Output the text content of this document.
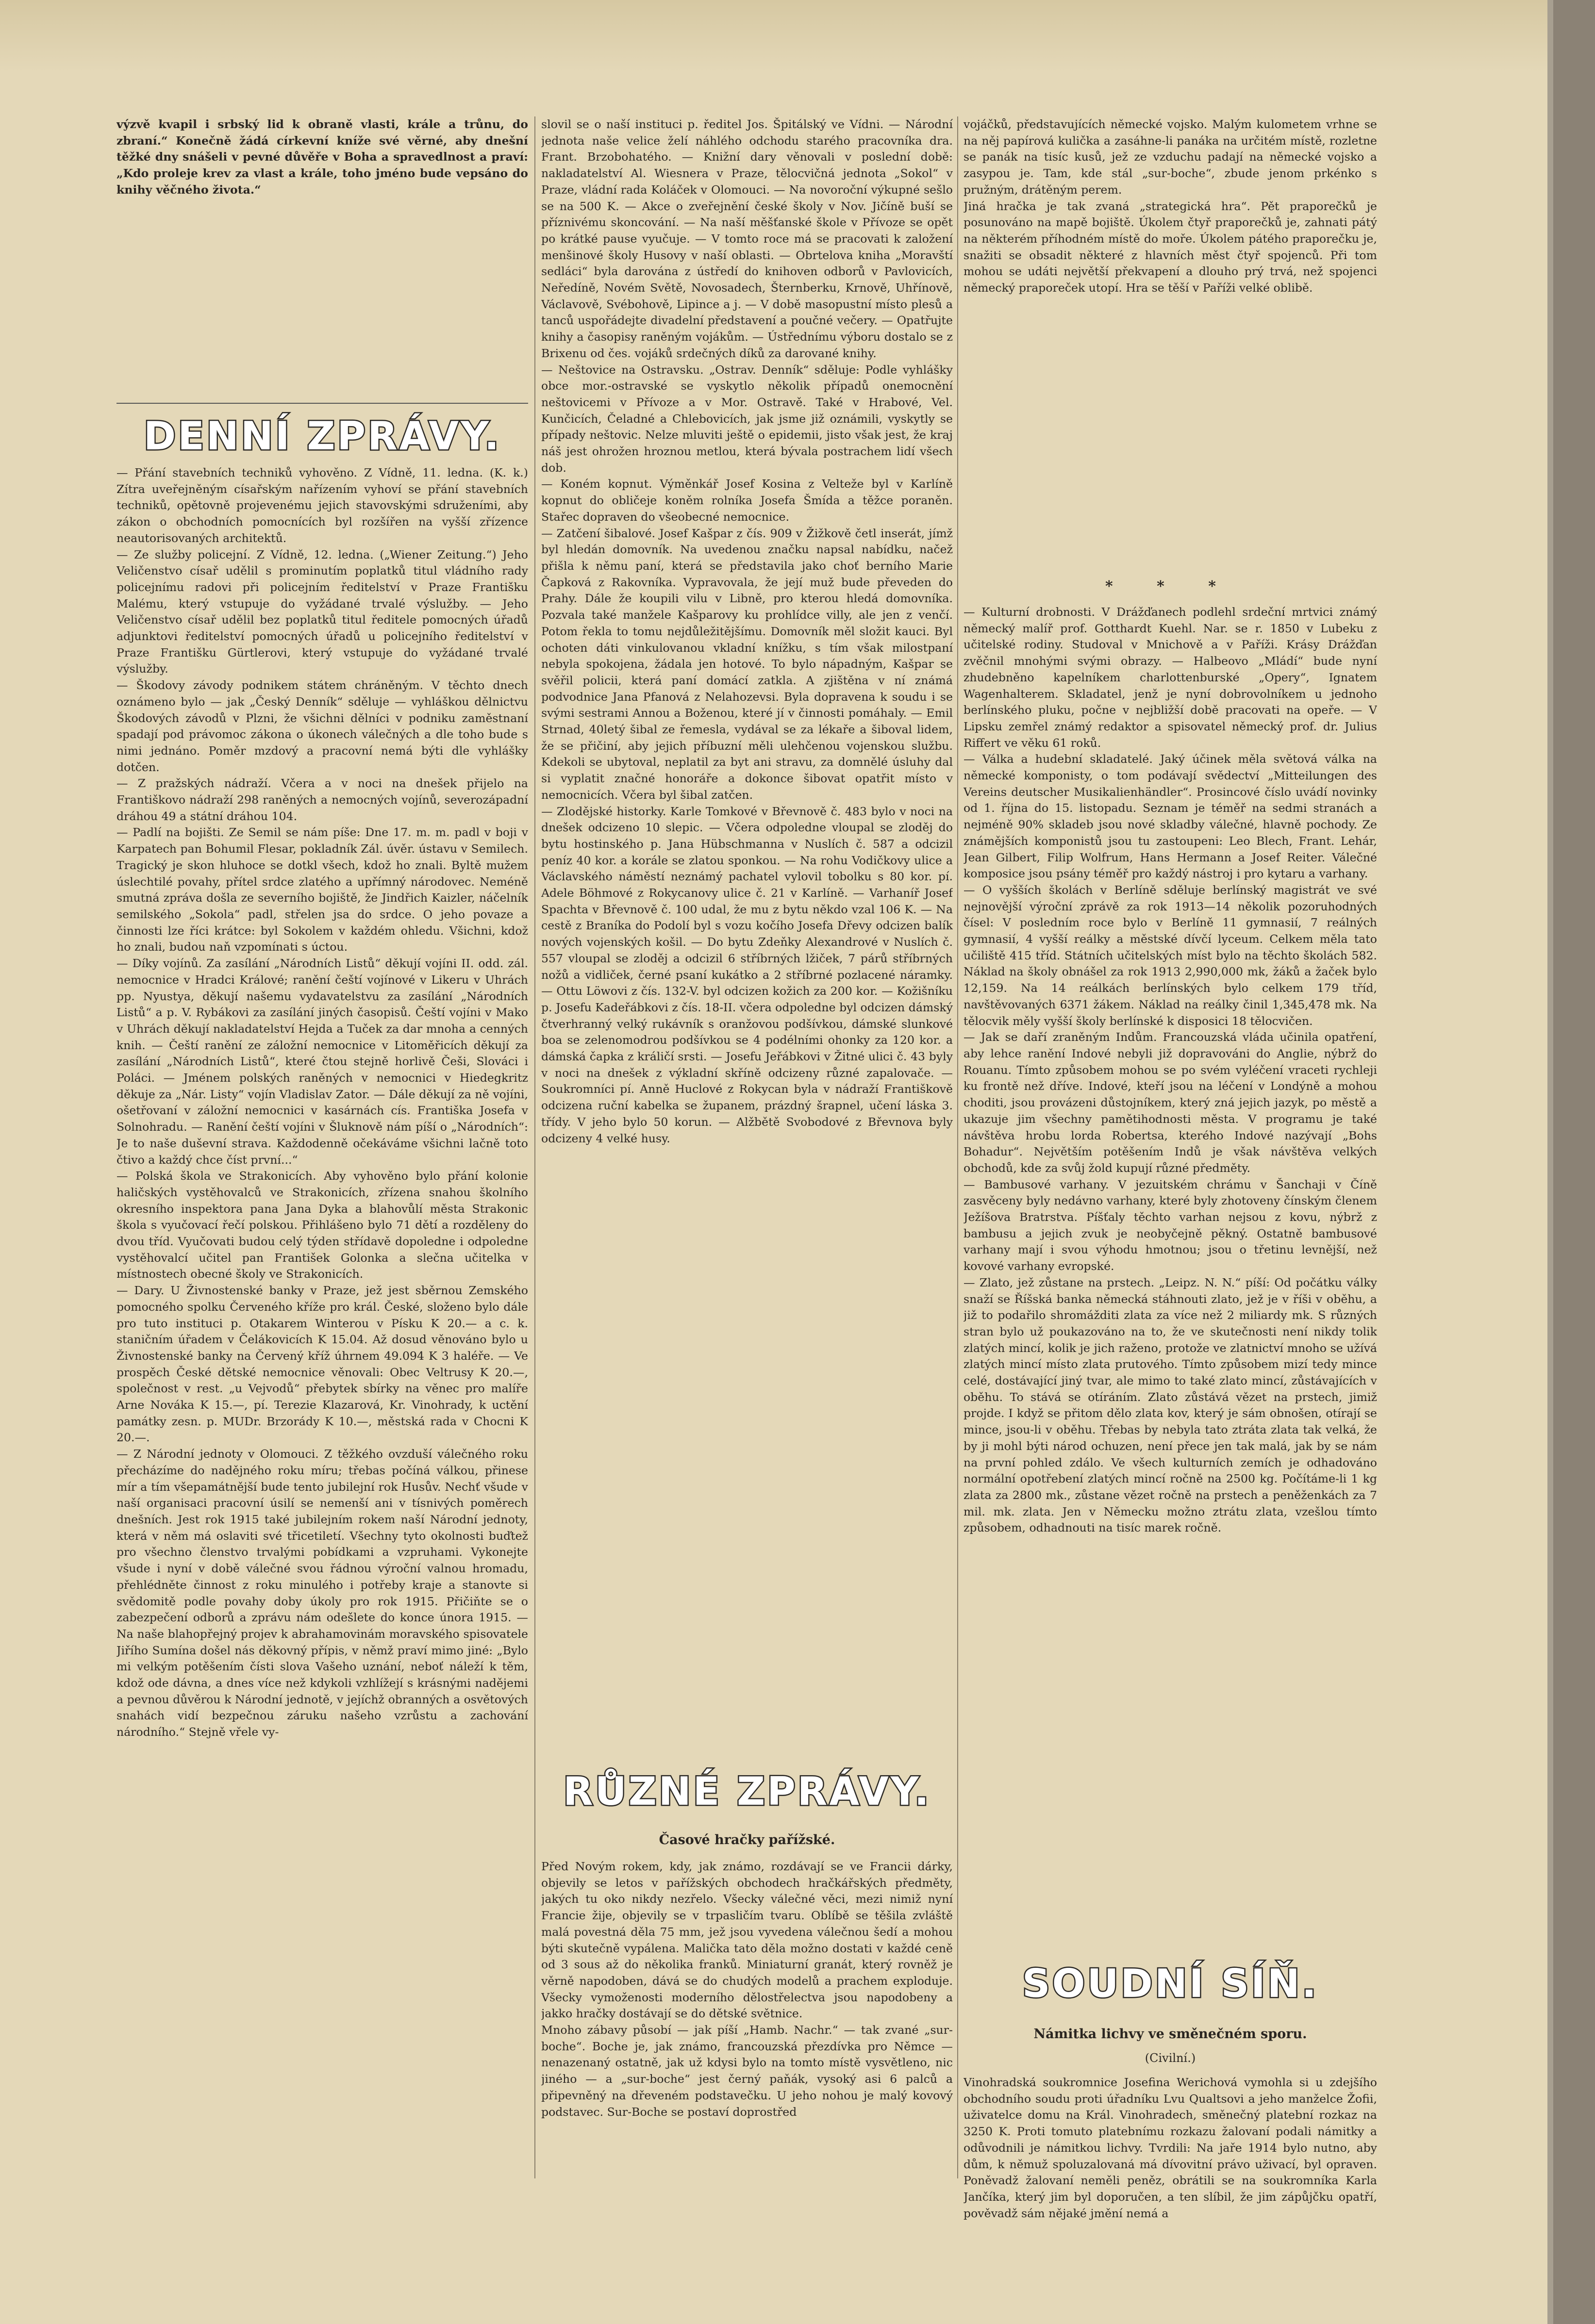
výzvě kvapil i srbský lid k obraně vlasti, krále a trůnu, do zbraní.“ Konečně žádá církevní kníže své věrné, aby dnešní těžké dny snášeli v pevné důvěře v Boha a spravedlnost a praví: „Kdo proleje krev za vlast a krále, toho jméno bude vepsáno do knihy věčného života.“

DENNÍ ZPRÁVY.

— Přání stavebních techniků vyhověno. Z Vídně, 11. ledna. (K. k.) Zítra uveřejněným císařským nařízením vyhoví se přání stavebních techniků, opětovně projevenému jejich stavovskými sdruženími, aby zákon o obchodních pomocnících byl rozšířen na vyšší zřízence neautorisovaných architektů.
— Ze služby policejní. Z Vídně, 12. ledna. („Wiener Zeitung.“) Jeho Veličenstvo císař udělil s prominutím poplatků titul vládního rady policejnímu radovi při policejním ředitelství v Praze Františku Malému, který vstupuje do vyžádané trvalé výslužby. — Jeho Veličenstvo císař udělil bez poplatků titul ředitele pomocných úřadů adjunktovi ředitelství pomocných úřadů u policejního ředitelství v Praze Františku Gürtlerovi, který vstupuje do vyžádané trvalé výslužby.
— Škodovy závody podnikem státem chráněným. V těchto dnech oznámeno bylo — jak „Český Denník“ sděluje — vyhláškou dělnictvu Škodových závodů v Plzni, že všichni dělníci v podniku zaměstnaní spadají pod právomoc zákona o úkonech válečných a dle toho bude s nimi jednáno. Poměr mzdový a pracovní nemá býti dle vyhlášky dotčen.
— Z pražských nádraží. Včera a v noci na dnešek přijelo na Františkovo nádraží 298 raněných a nemocných vojínů, severozápadní dráhou 49 a státní dráhou 104.
— Padlí na bojišti. Ze Semil se nám píše: Dne 17. m. m. padl v boji v Karpatech pan Bohumil Flesar, pokladník Zál. úvěr. ústavu v Semilech. Tragický je skon hluhoce se dotkl všech, kdož ho znali. Byltě mužem úslechtilé povahy, přítel srdce zlatého a upřímný národovec. Neméně smutná zpráva došla ze severního bojiště, že Jindřich Kaizler, náčelník semilského „Sokola“ padl, střelen jsa do srdce. O jeho povaze a činnosti lze říci krátce: byl Sokolem v každém ohledu. Všichni, kdož ho znali, budou naň vzpomínati s úctou.
— Díky vojínů. Za zasílání „Národních Listů“ děkují vojíni II. odd. zál. nemocnice v Hradci Králové; ranění čeští vojínové v Likeru v Uhrách pp. Nyustya, děkují našemu vydavatelstvu za zasílání „Národních Listů“ a p. V. Rybákovi za zasílání jiných časopisů. Čeští vojíni v Mako v Uhrách děkují nakladatelství Hejda a Tuček za dar mnoha a cenných knih. — Čeští ranění ze záložní nemocnice v Litoměřicích děkují za zasílání „Národních Listů“, které čtou stejně horlivě Češi, Slováci i Poláci. — Jménem polských raněných v nemocnici v Hiedegkritz děkuje za „Nár. Listy“ vojín Vladislav Zator. — Dále děkují za ně vojíni, ošetřovaní v záložní nemocnici v kasárnách cís. Františka Josefa v Solnohradu. — Ranění čeští vojíni v Šluknově nám píší o „Národních“: Je to naše duševní strava. Každodenně očekáváme všichni lačně toto čtivo a každý chce číst první...“
— Polská škola ve Strakonicích. Aby vyhověno bylo přání kolonie haličských vystěhovalců ve Strakonicích, zřízena snahou školního okresního inspektora pana Jana Dyka a blahovůlí města Strakonic škola s vyučovací řečí polskou. Přihlášeno bylo 71 dětí a rozděleny do dvou tříd. Vyučovati budou celý týden střídavě dopoledne i odpoledne vystěhovalcí učitel pan František Golonka a slečna učitelka v místnostech obecné školy ve Strakonicích.
— Dary. U Živnostenské banky v Praze, jež jest sběrnou Zemského pomocného spolku Červeného kříže pro král. České, složeno bylo dále pro tuto instituci p. Otakarem Winterou v Písku K 20.— a c. k. staničním úřadem v Čelákovicích K 15.04. Až dosud věnováno bylo u Živnostenské banky na Červený kříž úhrnem 49.094 K 3 haléře. — Ve prospěch České dětské nemocnice věnovali: Obec Veltrusy K 20.—, společnost v rest. „u Vejvodů“ přebytek sbírky na věnec pro malíře Arne Nováka K 15.—, pí. Terezie Klazarová, Kr. Vinohrady, k uctění památky zesn. p. MUDr. Brzorády K 10.—, městská rada v Chocni K 20.—.
— Z Národní jednoty v Olomouci. Z těžkého ovzduší válečného roku přecházíme do nadějného roku míru; třebas počíná válkou, přinese mír a tím všepamátnější bude tento jubilejní rok Husův. Nechť všude v naší organisaci pracovní úsilí se nemenší ani v tísnivých poměrech dnešních. Jest rok 1915 také jubilejním rokem naší Národní jednoty, která v něm má oslaviti své třicetiletí. Všechny tyto okolnosti buďtež pro všechno členstvo trvalými pobídkami a vzpruhami. Vykonejte všude i nyní v době válečné svou řádnou výroční valnou hromadu, přehlédněte činnost z roku minulého i potřeby kraje a stanovte si svědomitě podle povahy doby úkoly pro rok 1915. Přičiňte se o zabezpečení odborů a zprávu nám odešlete do konce února 1915. — Na naše blahopřejný projev k abrahamovinám moravského spisovatele Jiřího Sumína došel nás děkovný přípis, v němž praví mimo jiné: „Bylo mi velkým potěšením čísti slova Vašeho uznání, neboť náleží k těm, kdož ode dávna, a dnes více než kdykoli vzhlížejí s krásnými nadějemi a pevnou důvěrou k Národní jednotě, v jejíchž obranných a osvětových snahách vidí bezpečnou záruku našeho vzrůstu a zachování národního.“ Stejně vřele vy-

slovil se o naší instituci p. ředitel Jos. Špitálský ve Vídni. — Národní jednota naše velice želí náhlého odchodu starého pracovníka dra. Frant. Brzobohatého. — Knižní dary věnovali v poslední době: nakladatelství Al. Wiesnera v Praze, tělocvičná jednota „Sokol“ v Praze, vládní rada Koláček v Olomouci. — Na novoroční výkupné sešlo se na 500 K. — Akce o zveřejnění české školy v Nov. Jičíně buší se příznivému skoncování. — Na naší měšťanské škole v Přívoze se opět po krátké pause vyučuje. — V tomto roce má se pracovati k založení menšinové školy Husovy v naší oblasti. — Obrtelova kniha „Moravští sedláci“ byla darována z ústředí do knihoven odborů v Pavlovicích, Neředíně, Novém Světě, Novosadech, Šternberku, Krnově, Uhřínově, Václavově, Svébohově, Lipince a j. — V době masopustní místo plesů a tanců uspořádejte divadelní představení a poučné večery. — Opatřujte knihy a časopisy raněným vojákům. — Ústřednímu výboru dostalo se z Brixenu od čes. vojáků srdečných díků za darované knihy.
— Neštovice na Ostravsku. „Ostrav. Denník“ sděluje: Podle vyhlášky obce mor.-ostravské se vyskytlo několik případů onemocnění neštovicemi v Přívoze a v Mor. Ostravě. Také v Hrabové, Vel. Kunčicích, Čeladné a Chlebovicích, jak jsme již oznámili, vyskytly se případy neštovic. Nelze mluviti ještě o epidemii, jisto však jest, že kraj náš jest ohrožen hroznou metlou, která bývala postrachem lidí všech dob.
— Koném kopnut. Výměnkář Josef Kosina z Velteže byl v Karlíně kopnut do obličeje koněm rolníka Josefa Šmída a těžce poraněn. Stařec dopraven do všeobecné nemocnice.
— Zatčení šibalové. Josef Kašpar z čís. 909 v Žižkově četl inserát, jímž byl hledán domovník. Na uvedenou značku napsal nabídku, načež přišla k němu paní, která se představila jako choť berního Marie Čapková z Rakovníka. Vypravovala, že její muž bude převeden do Prahy. Dále že koupili vilu v Libně, pro kterou hledá domovníka. Pozvala také manžele Kašparovy ku prohlídce villy, ale jen z venčí. Potom řekla to tomu nejdůležitějšímu. Domovník měl složit kauci. Byl ochoten dáti vinkulovanou vkladní knížku, s tím však milostpaní nebyla spokojena, žádala jen hotové. To bylo nápadným, Kašpar se svěřil policii, která paní domácí zatkla. A zjištěna v ní známá podvodnice Jana Pfanová z Nelahozevsi. Byla dopravena k soudu i se svými sestrami Annou a Boženou, které jí v činnosti pomáhaly. — Emil Strnad, 40letý šibal ze řemesla, vydával se za lékaře a šiboval lidem, že se přičiní, aby jejich příbuzní měli ulehčenou vojenskou službu. Kdekoli se ubytoval, neplatil za byt ani stravu, za domnělé úsluhy dal si vyplatit značné honoráře a dokonce šibovat opatřit místo v nemocnicích. Včera byl šibal zatčen.
— Zlodějské historky. Karle Tomkové v Břevnově č. 483 bylo v noci na dnešek odcizeno 10 slepic. — Včera odpoledne vloupal se zloděj do bytu hostinského p. Jana Hübschmanna v Nuslích č. 587 a odcizil peníz 40 kor. a korále se zlatou sponkou. — Na rohu Vodičkovy ulice a Václavského náměstí neznámý pachatel vylovil tobolku s 80 kor. pí. Adele Böhmové z Rokycanovy ulice č. 21 v Karlíně. — Varhaníř Josef Spachta v Břevnově č. 100 udal, že mu z bytu někdo vzal 106 K. — Na cestě z Braníka do Podolí byl s vozu kočího Josefa Dřevy odcizen balík nových vojenských košil. — Do bytu Zdeňky Alexandrové v Nuslích č. 557 vloupal se zloděj a odcizil 6 stříbrných lžiček, 7 párů stříbrných nožů a vidliček, černé psaní kukátko a 2 stříbrné pozlacené náramky. — Ottu Löwovi z čís. 132-V. byl odcizen kožich za 200 kor. — Kožišníku p. Josefu Kadeřábkovi z čís. 18-II. včera odpoledne byl odcizen dámský čtverhranný velký rukávník s oranžovou podšívkou, dámské slunkové boa se zelenomodrou podšívkou se 4 podélními ohonky za 120 kor. a dámská čapka z králičí srsti. — Josefu Jeřábkovi v Žitné ulici č. 43 byly v noci na dnešek z výkladní skříně odcizeny různé zapalovače. — Soukromníci pí. Anně Huclové z Rokycan byla v nádraží Františkově odcizena ruční kabelka se županem, prázdný šrapnel, učení láska 3. třídy. V jeho bylo 50 korun. — Alžbětě Svobodové z Břevnova byly odcizeny 4 velké husy.

RŮZNÉ ZPRÁVY.

Časové hračky pařížské.

Před Novým rokem, kdy, jak známo, rozdávají se ve Francii dárky, objevily se letos v pařížských obchodech hračkářských předměty, jakých tu oko nikdy nezřelo. Všecky válečné věci, mezi nimiž nyní Francie žije, objevily se v trpasličím tvaru. Oblíbě se těšila zvláště malá povestná děla 75 mm, jež jsou vyvedena válečnou šedí a mohou býti skutečně vypálena. Malička tato děla možno dostati v každé ceně od 3 sous až do několika franků. Miniaturní granát, který rovněž je věrně napodoben, dává se do chudých modelů a prachem exploduje. Všecky vymoženosti moderního dělostřelectva jsou napodobeny a jakko hračky dostávají se do dětské světnice.
Mnoho zábavy působí — jak píší „Hamb. Nachr.“ — tak zvané „sur-boche“. Boche je, jak známo, francouzská přezdívka pro Němce — nenazenaný ostatně, jak už kdysi bylo na tomto místě vysvětleno, nic jiného — a „sur-boche“ jest černý paňák, vysoký asi 6 palců a připevněný na dřeveném podstavečku. U jeho nohou je malý kovový podstavec. Sur-Boche se postaví doprostřed

vojáčků, představujících německé vojsko. Malým kulometem vrhne se na něj papírová kulička a zasáhne-li panáka na určitém místě, rozletne se panák na tisíc kusů, jež ze vzduchu padají na německé vojsko a zasypou je. Tam, kde stál „sur-boche“, zbude jenom prkénko s pružným, drátěným perem.
Jiná hračka je tak zvaná „strategická hra“. Pět praporečků je posunováno na mapě bojiště. Úkolem čtyř praporečků je, zahnati pátý na některém příhodném místě do moře. Úkolem pátého praporečku je, snažiti se obsadit některé z hlavních měst čtyř spojenců. Při tom mohou se udáti největší překvapení a dlouho prý trvá, než spojenci německý praporeček utopí. Hra se těší v Paříži velké oblibě.

* * *

— Kulturní drobnosti. V Drážďanech podlehl srdeční mrtvici známý německý malíř prof. Gotthardt Kuehl. Nar. se r. 1850 v Lubeku z učitelské rodiny. Studoval v Mnichově a v Paříži. Krásy Drážďan zvěčnil mnohými svými obrazy. — Halbeovo „Mládí“ bude nyní zhudebněno kapelníkem charlottenburské „Opery“, Ignatem Wagenhalterem. Skladatel, jenž je nyní dobrovolníkem u jednoho berlínského pluku, počne v nejbližší době pracovati na opeře. — V Lipsku zemřel známý redaktor a spisovatel německý prof. dr. Julius Riffert ve věku 61 roků.
— Válka a hudební skladatelé. Jaký účinek měla světová válka na německé komponisty, o tom podávají svědectví „Mitteilungen des Vereins deutscher Musikalienhändler“. Prosincové číslo uvádí novinky od 1. října do 15. listopadu. Seznam je téměř na sedmi stranách a nejméně 90% skladeb jsou nové skladby válečné, hlavně pochody. Ze známějších komponistů jsou tu zastoupeni: Leo Blech, Frant. Lehár, Jean Gilbert, Filip Wolfrum, Hans Hermann a Josef Reiter. Válečné komposice jsou psány téměř pro každý nástroj i pro kytaru a varhany.
— O vyšších školách v Berlíně sděluje berlínský magistrát ve své nejnovější výroční zprávě za rok 1913—14 několik pozoruhodných čísel: V posledním roce bylo v Berlíně 11 gymnasií, 7 reálných gymnasií, 4 vyšší reálky a městské dívčí lyceum. Celkem měla tato učiliště 415 tříd. Státních učitelských míst bylo na těchto školách 582. Náklad na školy obnášel za rok 1913 2,990,000 mk, žáků a žaček bylo 12,159. Na 14 reálkách berlínských bylo celkem 179 tříd, navštěvovaných 6371 žákem. Náklad na reálky činil 1,345,478 mk. Na tělocvik měly vyšší školy berlínské k disposici 18 tělocvičen.
— Jak se daří zraněným Indům. Francouzská vláda učinila opatření, aby lehce ranění Indové nebyli již dopravováni do Anglie, nýbrž do Rouanu. Tímto způsobem mohou se po svém vyléčení vraceti rychleji ku frontě než dříve. Indové, kteří jsou na léčení v Londýně a mohou choditi, jsou provázeni důstojníkem, který zná jejich jazyk, po městě a ukazuje jim všechny pamětihodnosti města. V programu je také návštěva hrobu lorda Robertsa, kterého Indové nazývají „Bohs Bohadur“. Největším potěšením Indů je však návštěva velkých obchodů, kde za svůj žold kupují různé předměty.
— Bambusové varhany. V jezuitském chrámu v Šanchaji v Číně zasvěceny byly nedávno varhany, které byly zhotoveny čínským členem Ježíšova Bratrstva. Píšťaly těchto varhan nejsou z kovu, nýbrž z bambusu a jejich zvuk je neobyčejně pěkný. Ostatně bambusové varhany mají i svou výhodu hmotnou; jsou o třetinu levnější, než kovové varhany evropské.
— Zlato, jež zůstane na prstech. „Leipz. N. N.“ píší: Od počátku války snaží se Říšská banka německá stáhnouti zlato, jež je v říši v oběhu, a již to podařilo shromážditi zlata za více než 2 miliardy mk. S různých stran bylo už poukazováno na to, že ve skutečnosti není nikdy tolik zlatých mincí, kolik je jich raženo, protože ve zlatnictví mnoho se užívá zlatých mincí místo zlata prutového. Tímto způsobem mizí tedy mince celé, dostávající jiný tvar, ale mimo to také zlato mincí, zůstávajících v oběhu. To stává se otíráním. Zlato zůstává vězet na prstech, jimiž projde. I když se přitom dělo zlata kov, který je sám obnošen, otírají se mince, jsou-li v oběhu. Třebas by nebyla tato ztráta zlata tak velká, že by ji mohl býti národ ochuzen, není přece jen tak malá, jak by se nám na první pohled zdálo. Ve všech kulturních zemích je odhadováno normální opotřebení zlatých mincí ročně na 2500 kg. Počítáme-li 1 kg zlata za 2800 mk., zůstane vězet ročně na prstech a peněženkách za 7 mil. mk. zlata. Jen v Německu možno ztrátu zlata, vzešlou tímto způsobem, odhadnouti na tisíc marek ročně.

SOUDNÍ SÍŇ.

Námitka lichvy ve směnečném sporu.

(Civilní.)

Vinohradská soukromnice Josefina Werichová vymohla si u zdejšího obchodního soudu proti úřadníku Lvu Qualtsovi a jeho manželce Žofii, uživatelce domu na Král. Vinohradech, směnečný platební rozkaz na 3250 K. Proti tomuto platebnímu rozkazu žalovaní podali námitky a odůvodnili je námitkou lichvy. Tvrdili: Na jaře 1914 bylo nutno, aby dům, k němuž spoluzalovaná má dívovitní právo uživací, byl opraven. Poněvadž žalovaní neměli peněz, obrátili se na soukromníka Karla Jančíka, který jim byl doporučen, a ten slíbil, že jim zápůjčku opatří, pověvadž sám nějaké jmění nemá a
